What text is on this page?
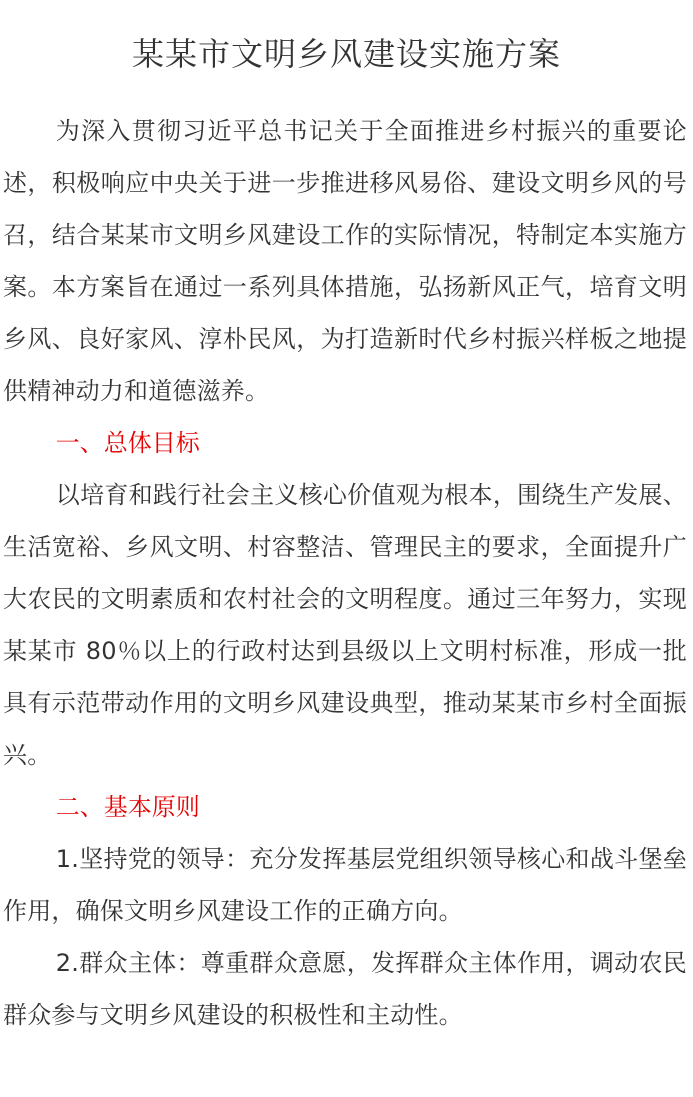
某某市文明乡风建设实施方案

为深入贯彻习近平总书记关于全面推进乡村振兴的重要论述，积极响应中央关于进一步推进移风易俗、建设文明乡风的号召，结合某某市文明乡风建设工作的实际情况，特制定本实施方案。本方案旨在通过一系列具体措施，弘扬新风正气，培育文明乡风、良好家风、淳朴民风，为打造新时代乡村振兴样板之地提供精神动力和道德滋养。

一、总体目标

以培育和践行社会主义核心价值观为根本，围绕生产发展、生活宽裕、乡风文明、村容整洁、管理民主的要求，全面提升广大农民的文明素质和农村社会的文明程度。通过三年努力，实现某某市 80％以上的行政村达到县级以上文明村标准，形成一批具有示范带动作用的文明乡风建设典型，推动某某市乡村全面振兴。

二、基本原则

1.坚持党的领导：充分发挥基层党组织领导核心和战斗堡垒作用，确保文明乡风建设工作的正确方向。

2.群众主体：尊重群众意愿，发挥群众主体作用，调动农民群众参与文明乡风建设的积极性和主动性。
